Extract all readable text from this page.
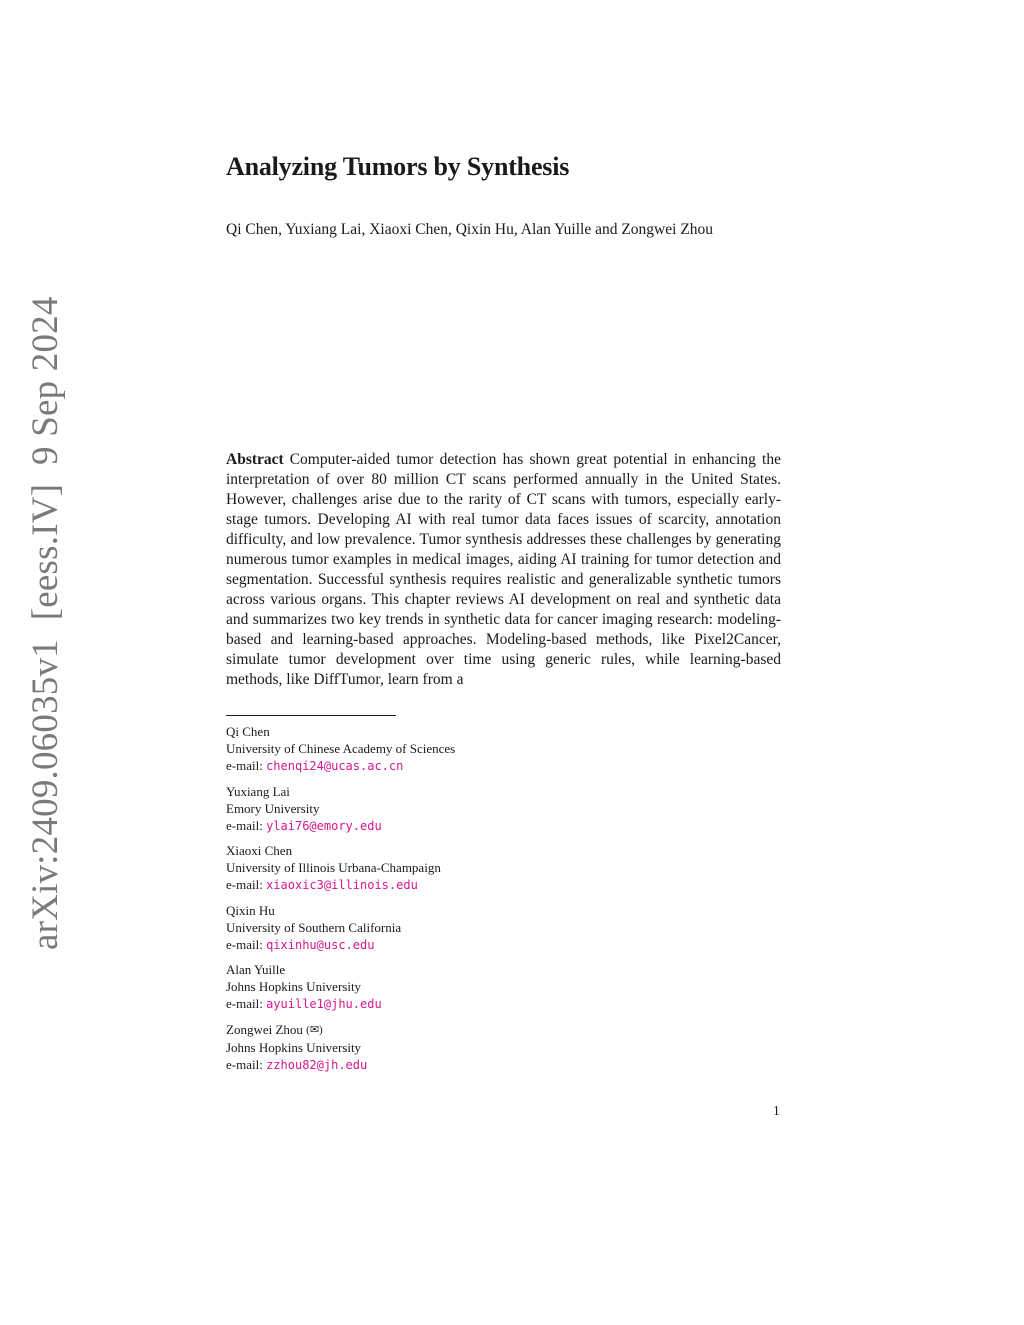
arXiv:2409.06035v1  [eess.IV]  9 Sep 2024
Analyzing Tumors by Synthesis
Qi Chen, Yuxiang Lai, Xiaoxi Chen, Qixin Hu, Alan Yuille and Zongwei Zhou

Abstract Computer-aided tumor detection has shown great potential in enhancing the interpretation of over 80 million CT scans performed annually in the United States. However, challenges arise due to the rarity of CT scans with tumors, especially early-stage tumors. Developing AI with real tumor data faces issues of scarcity, annotation difficulty, and low prevalence. Tumor synthesis addresses these challenges by generating numerous tumor examples in medical images, aiding AI training for tumor detection and segmentation. Successful synthesis requires realistic and generalizable synthetic tumors across various organs. This chapter reviews AI development on real and synthetic data and summarizes two key trends in synthetic data for cancer imaging research: modeling-based and learning-based approaches. Modeling-based methods, like Pixel2Cancer, simulate tumor development over time using generic rules, while learning-based methods, like DiffTumor, learn from a

Qi Chen
University of Chinese Academy of Sciences
e-mail: chenqi24@ucas.ac.cn
Yuxiang Lai
Emory University
e-mail: ylai76@emory.edu
Xiaoxi Chen
University of Illinois Urbana-Champaign
e-mail: xiaoxic3@illinois.edu
Qixin Hu
University of Southern California
e-mail: qixinhu@usc.edu
Alan Yuille
Johns Hopkins University
e-mail: ayuille1@jhu.edu
Zongwei Zhou (✉)
Johns Hopkins University
e-mail: zzhou82@jh.edu
1
